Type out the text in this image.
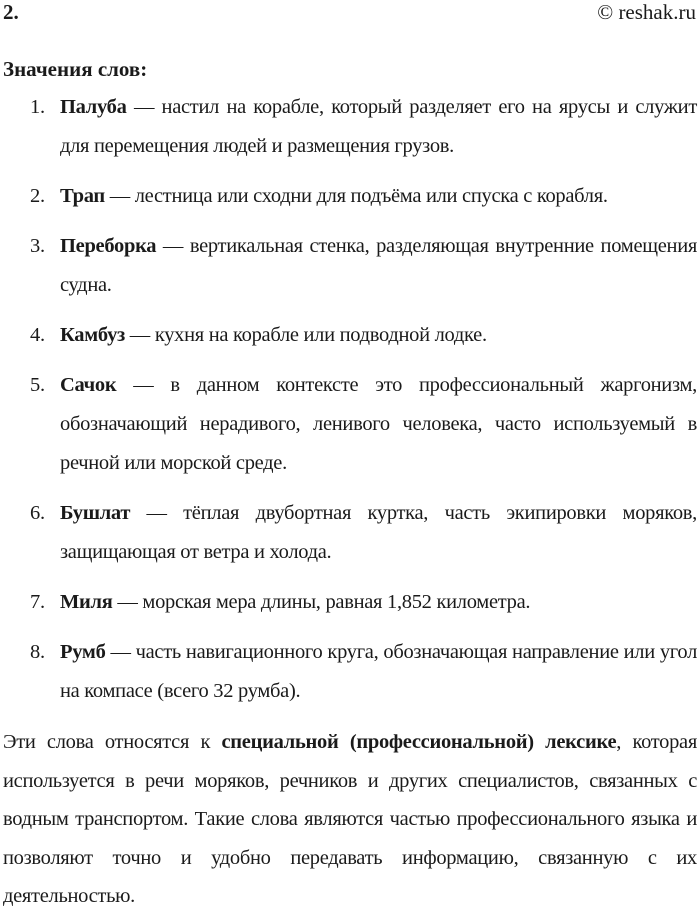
2.	© reshak.ru
Значения слов:
1. Палуба — настил на корабле, который разделяет его на ярусы и служит для перемещения людей и размещения грузов.
2. Трап — лестница или сходни для подъёма или спуска с корабля.
3. Переборка — вертикальная стенка, разделяющая внутренние помещения судна.
4. Камбуз — кухня на корабле или подводной лодке.
5. Сачок — в данном контексте это профессиональный жаргонизм, обозначающий нерадивого, ленивого человека, часто используемый в речной или морской среде.
6. Бушлат — тёплая двубортная куртка, часть экипировки моряков, защищающая от ветра и холода.
7. Миля — морская мера длины, равная 1,852 километра.
8. Румб — часть навигационного круга, обозначающая направление или угол на компасе (всего 32 румба).

Эти слова относятся к специальной (профессиональной) лексике, которая используется в речи моряков, речников и других специалистов, связанных с водным транспортом. Такие слова являются частью профессионального языка и позволяют точно и удобно передавать информацию, связанную с их деятельностью.
